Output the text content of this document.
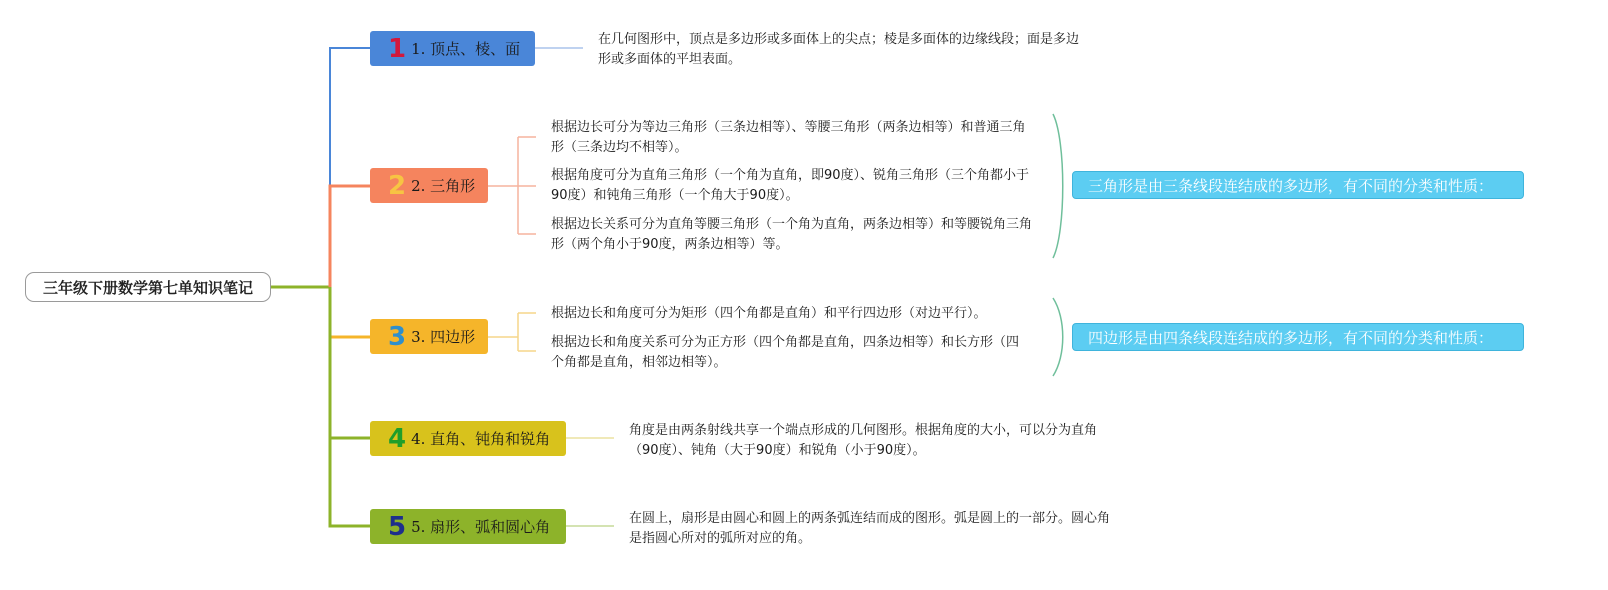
三年级下册数学第七单知识笔记
1 1. 顶点、棱、面
在几何图形中，顶点是多边形或多面体上的尖点；棱是多面体的边缘线段；面是多边形或多面体的平坦表面。
2 2. 三角形
根据边长可分为等边三角形（三条边相等）、等腰三角形（两条边相等）和普通三角形（三条边均不相等）。
根据角度可分为直角三角形（一个角为直角，即90度）、锐角三角形（三个角都小于90度）和钝角三角形（一个角大于90度）。
根据边长关系可分为直角等腰三角形（一个角为直角，两条边相等）和等腰锐角三角形（两个角小于90度，两条边相等）等。
三角形是由三条线段连结成的多边形，有不同的分类和性质：
3 3. 四边形
根据边长和角度可分为矩形（四个角都是直角）和平行四边形（对边平行）。
根据边长和角度关系可分为正方形（四个角都是直角，四条边相等）和长方形（四个角都是直角，相邻边相等）。
四边形是由四条线段连结成的多边形，有不同的分类和性质：
4 4. 直角、钝角和锐角	角度是由两条射线共享一个端点形成的几何图形。根据角度的大小，可以分为直角（90度）、钝角（大于90度）和锐角（小于90度）。
5 5. 扇形、弧和圆心角	在圆上，扇形是由圆心和圆上的两条弧连结而成的图形。弧是圆上的一部分。圆心角是指圆心所对的弧所对应的角。
